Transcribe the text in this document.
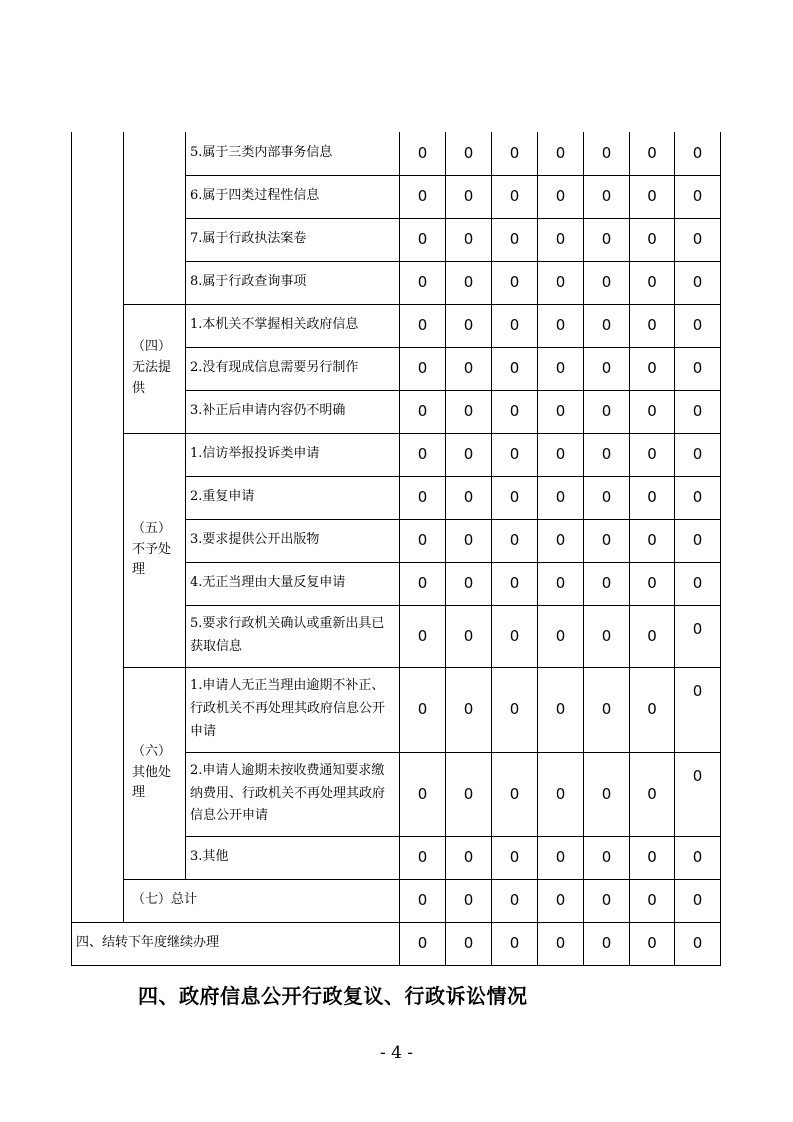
		5.属于三类内部事务信息	0	0	0	0	0	0	0
		6.属于四类过程性信息	0	0	0	0	0	0	0
		7.属于行政执法案卷	0	0	0	0	0	0	0
		8.属于行政查询事项	0	0	0	0	0	0	0
	（四）无法提供	1.本机关不掌握相关政府信息	0	0	0	0	0	0	0
		2.没有现成信息需要另行制作	0	0	0	0	0	0	0
		3.补正后申请内容仍不明确	0	0	0	0	0	0	0
	（五）不予处理	1.信访举报投诉类申请	0	0	0	0	0	0	0
		2.重复申请	0	0	0	0	0	0	0
		3.要求提供公开出版物	0	0	0	0	0	0	0
		4.无正当理由大量反复申请	0	0	0	0	0	0	0
		5.要求行政机关确认或重新出具已获取信息	0	0	0	0	0	0	0
	（六）其他处理	1.申请人无正当理由逾期不补正、行政机关不再处理其政府信息公开申请	0	0	0	0	0	0	0
		2.申请人逾期未按收费通知要求缴纳费用、行政机关不再处理其政府信息公开申请	0	0	0	0	0	0	0
		3.其他	0	0	0	0	0	0	0
	（七）总计		0	0	0	0	0	0	0
四、结转下年度继续办理			0	0	0	0	0	0	0
四、政府信息公开行政复议、行政诉讼情况
- 4 -
